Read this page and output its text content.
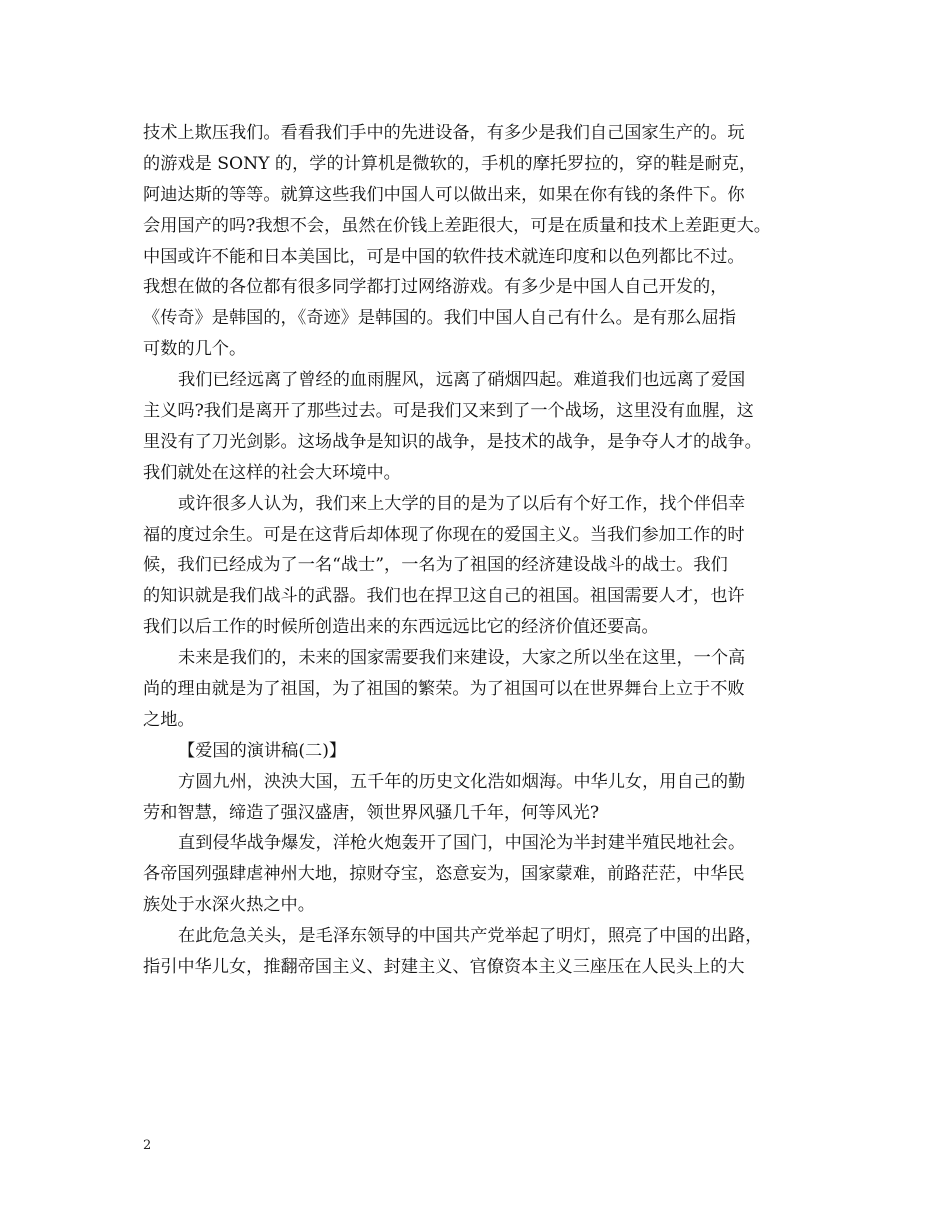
技术上欺压我们。看看我们手中的先进设备，有多少是我们自己国家生产的。玩
的游戏是 SONY 的，学的计算机是微软的，手机的摩托罗拉的，穿的鞋是耐克，
阿迪达斯的等等。就算这些我们中国人可以做出来，如果在你有钱的条件下。你
会用国产的吗?我想不会，虽然在价钱上差距很大，可是在质量和技术上差距更大。
中国或许不能和日本美国比，可是中国的软件技术就连印度和以色列都比不过。
我想在做的各位都有很多同学都打过网络游戏。有多少是中国人自己开发的，
《传奇》是韩国的，《奇迹》是韩国的。我们中国人自己有什么。是有那么屈指
可数的几个。
我们已经远离了曾经的血雨腥风，远离了硝烟四起。难道我们也远离了爱国
主义吗?我们是离开了那些过去。可是我们又来到了一个战场，这里没有血腥，这
里没有了刀光剑影。这场战争是知识的战争，是技术的战争，是争夺人才的战争。
我们就处在这样的社会大环境中。
或许很多人认为，我们来上大学的目的是为了以后有个好工作，找个伴侣幸
福的度过余生。可是在这背后却体现了你现在的爱国主义。当我们参加工作的时
候，我们已经成为了一名“战士”，一名为了祖国的经济建设战斗的战士。我们
的知识就是我们战斗的武器。我们也在捍卫这自己的祖国。祖国需要人才，也许
我们以后工作的时候所创造出来的东西远远比它的经济价值还要高。
未来是我们的，未来的国家需要我们来建设，大家之所以坐在这里，一个高
尚的理由就是为了祖国，为了祖国的繁荣。为了祖国可以在世界舞台上立于不败
之地。
【爱国的演讲稿(二)】
方圆九州，泱泱大国，五千年的历史文化浩如烟海。中华儿女，用自己的勤
劳和智慧，缔造了强汉盛唐，领世界风骚几千年，何等风光?
直到侵华战争爆发，洋枪火炮轰开了国门，中国沦为半封建半殖民地社会。
各帝国列强肆虐神州大地，掠财夺宝，恣意妄为，国家蒙难，前路茫茫，中华民
族处于水深火热之中。
在此危急关头，是毛泽东领导的中国共产党举起了明灯，照亮了中国的出路，
指引中华儿女，推翻帝国主义、封建主义、官僚资本主义三座压在人民头上的大
2
